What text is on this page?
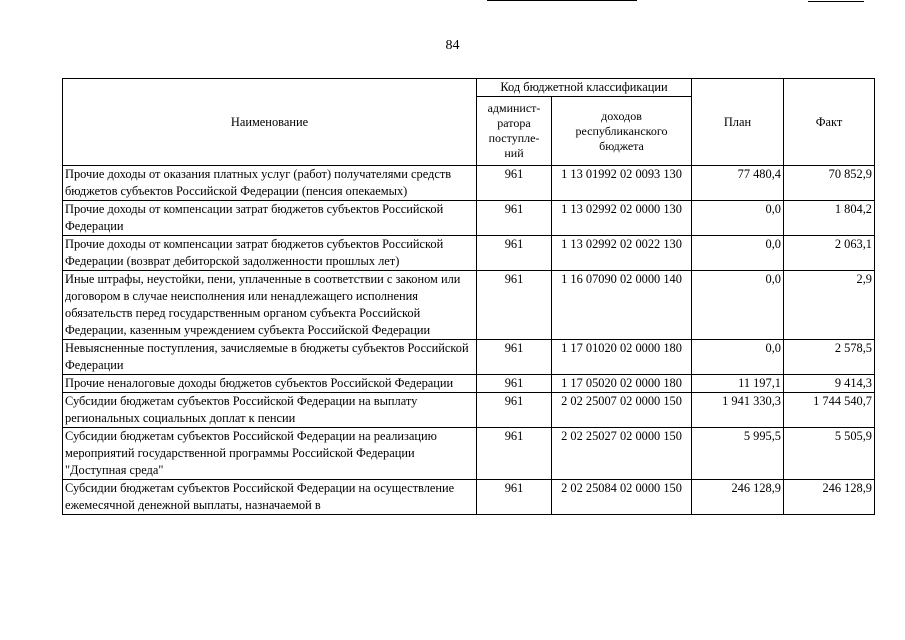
84
Наименование	Код бюджетной классификации		План	Факт
	админист-ратора поступле-ний	доходов республиканского бюджета		
Прочие доходы от оказания платных услуг (работ) получателями средств бюджетов субъектов Российской Федерации (пенсия опекаемых)	961	1 13 01992 02 0093 130	77 480,4	70 852,9
Прочие доходы от компенсации затрат бюджетов субъектов Российской Федерации	961	1 13 02992 02 0000 130	0,0	1 804,2
Прочие доходы от компенсации затрат бюджетов субъектов Российской Федерации (возврат дебиторской задолженности прошлых лет)	961	1 13 02992 02 0022 130	0,0	2 063,1
Иные штрафы, неустойки, пени, уплаченные в соответствии с законом или договором в случае неисполнения или ненадлежащего исполнения обязательств перед государственным органом субъекта Российской Федерации, казенным учреждением субъекта Российской Федерации	961	1 16 07090 02 0000 140	0,0	2,9
Невыясненные поступления, зачисляемые в бюджеты субъектов Российской Федерации	961	1 17 01020 02 0000 180	0,0	2 578,5
Прочие неналоговые доходы бюджетов субъектов Российской Федерации	961	1 17 05020 02 0000 180	11 197,1	9 414,3
Субсидии бюджетам субъектов Российской Федерации на выплату региональных социальных доплат к пенсии	961	2 02 25007 02 0000 150	1 941 330,3	1 744 540,7
Субсидии бюджетам субъектов Российской Федерации на реализацию мероприятий государственной программы Российской Федерации "Доступная среда"	961	2 02 25027 02 0000 150	5 995,5	5 505,9
Субсидии бюджетам субъектов Российской Федерации на осуществление ежемесячной денежной выплаты, назначаемой в	961	2 02 25084 02 0000 150	246 128,9	246 128,9
